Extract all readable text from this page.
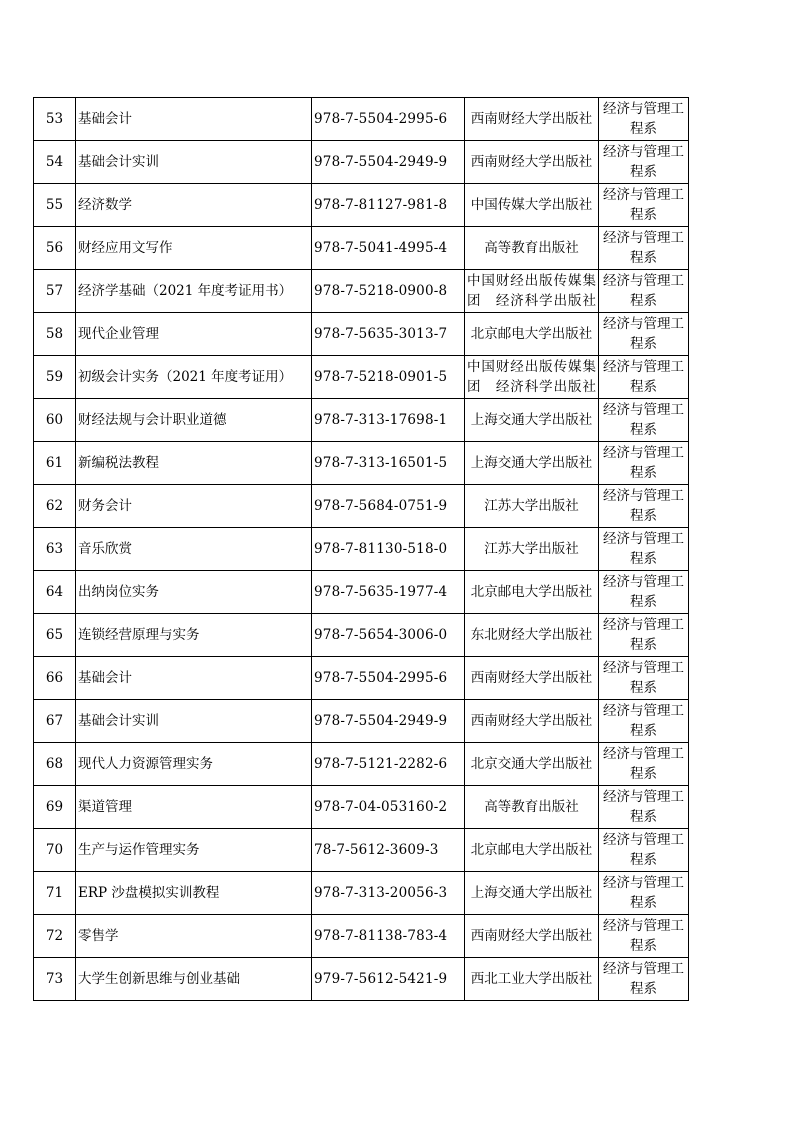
53	基础会计	978-7-5504-2995-6	西南财经大学出版社	经济与管理工程系

54	基础会计实训	978-7-5504-2949-9	西南财经大学出版社	经济与管理工程系

55	经济数学	978-7-81127-981-8	中国传媒大学出版社	经济与管理工程系

56	财经应用文写作	978-7-5041-4995-4	高等教育出版社	经济与管理工程系

57	经济学基础（2021 年度考证用书）	978-7-5218-0900-8	中国财经出版传媒集团　经济科学出版社	经济与管理工程系

58	现代企业管理	978-7-5635-3013-7	北京邮电大学出版社	经济与管理工程系

59	初级会计实务（2021 年度考证用）	978-7-5218-0901-5	中国财经出版传媒集团　经济科学出版社	经济与管理工程系

60	财经法规与会计职业道德	978-7-313-17698-1	上海交通大学出版社	经济与管理工程系

61	新编税法教程	978-7-313-16501-5	上海交通大学出版社	经济与管理工程系

62	财务会计	978-7-5684-0751-9	江苏大学出版社	经济与管理工程系

63	音乐欣赏	978-7-81130-518-0	江苏大学出版社	经济与管理工程系

64	出纳岗位实务	978-7-5635-1977-4	北京邮电大学出版社	经济与管理工程系

65	连锁经营原理与实务	978-7-5654-3006-0	东北财经大学出版社	经济与管理工程系

66	基础会计	978-7-5504-2995-6	西南财经大学出版社	经济与管理工程系

67	基础会计实训	978-7-5504-2949-9	西南财经大学出版社	经济与管理工程系

68	现代人力资源管理实务	978-7-5121-2282-6	北京交通大学出版社	经济与管理工程系

69	渠道管理	978-7-04-053160-2	高等教育出版社	经济与管理工程系

70	生产与运作管理实务	78-7-5612-3609-3	北京邮电大学出版社	经济与管理工程系

71	ERP 沙盘模拟实训教程	978-7-313-20056-3	上海交通大学出版社	经济与管理工程系

72	零售学	978-7-81138-783-4	西南财经大学出版社	经济与管理工程系

73	大学生创新思维与创业基础	979-7-5612-5421-9	西北工业大学出版社	经济与管理工程系
